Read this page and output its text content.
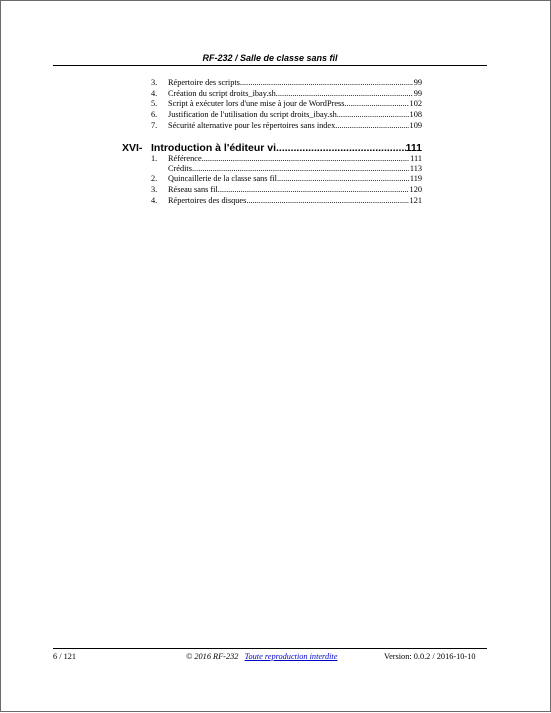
RF-232 / Salle de classe sans fil
3.	Répertoire des scripts .....	99
4.	Création du script droits_ibay.sh .....	99
5.	Script à exécuter lors d'une mise à jour de WordPress .....	102
6.	Justification de l'utilisation du script droits_ibay.sh .....	108
7.	Sécurité alternative pour les répertoires sans index .....	109
XVI- Introduction à l'éditeur vi .....	111
1.	Référence .....	111
Crédits .....	113
2.	Quincaillerie de la classe sans fil .....	119
3.	Réseau sans fil .....	120
4.	Répertoires des disques .....	121
6 / 121	© 2016 RF-232 Toute reproduction interdite	Version: 0.0.2 / 2016-10-10
